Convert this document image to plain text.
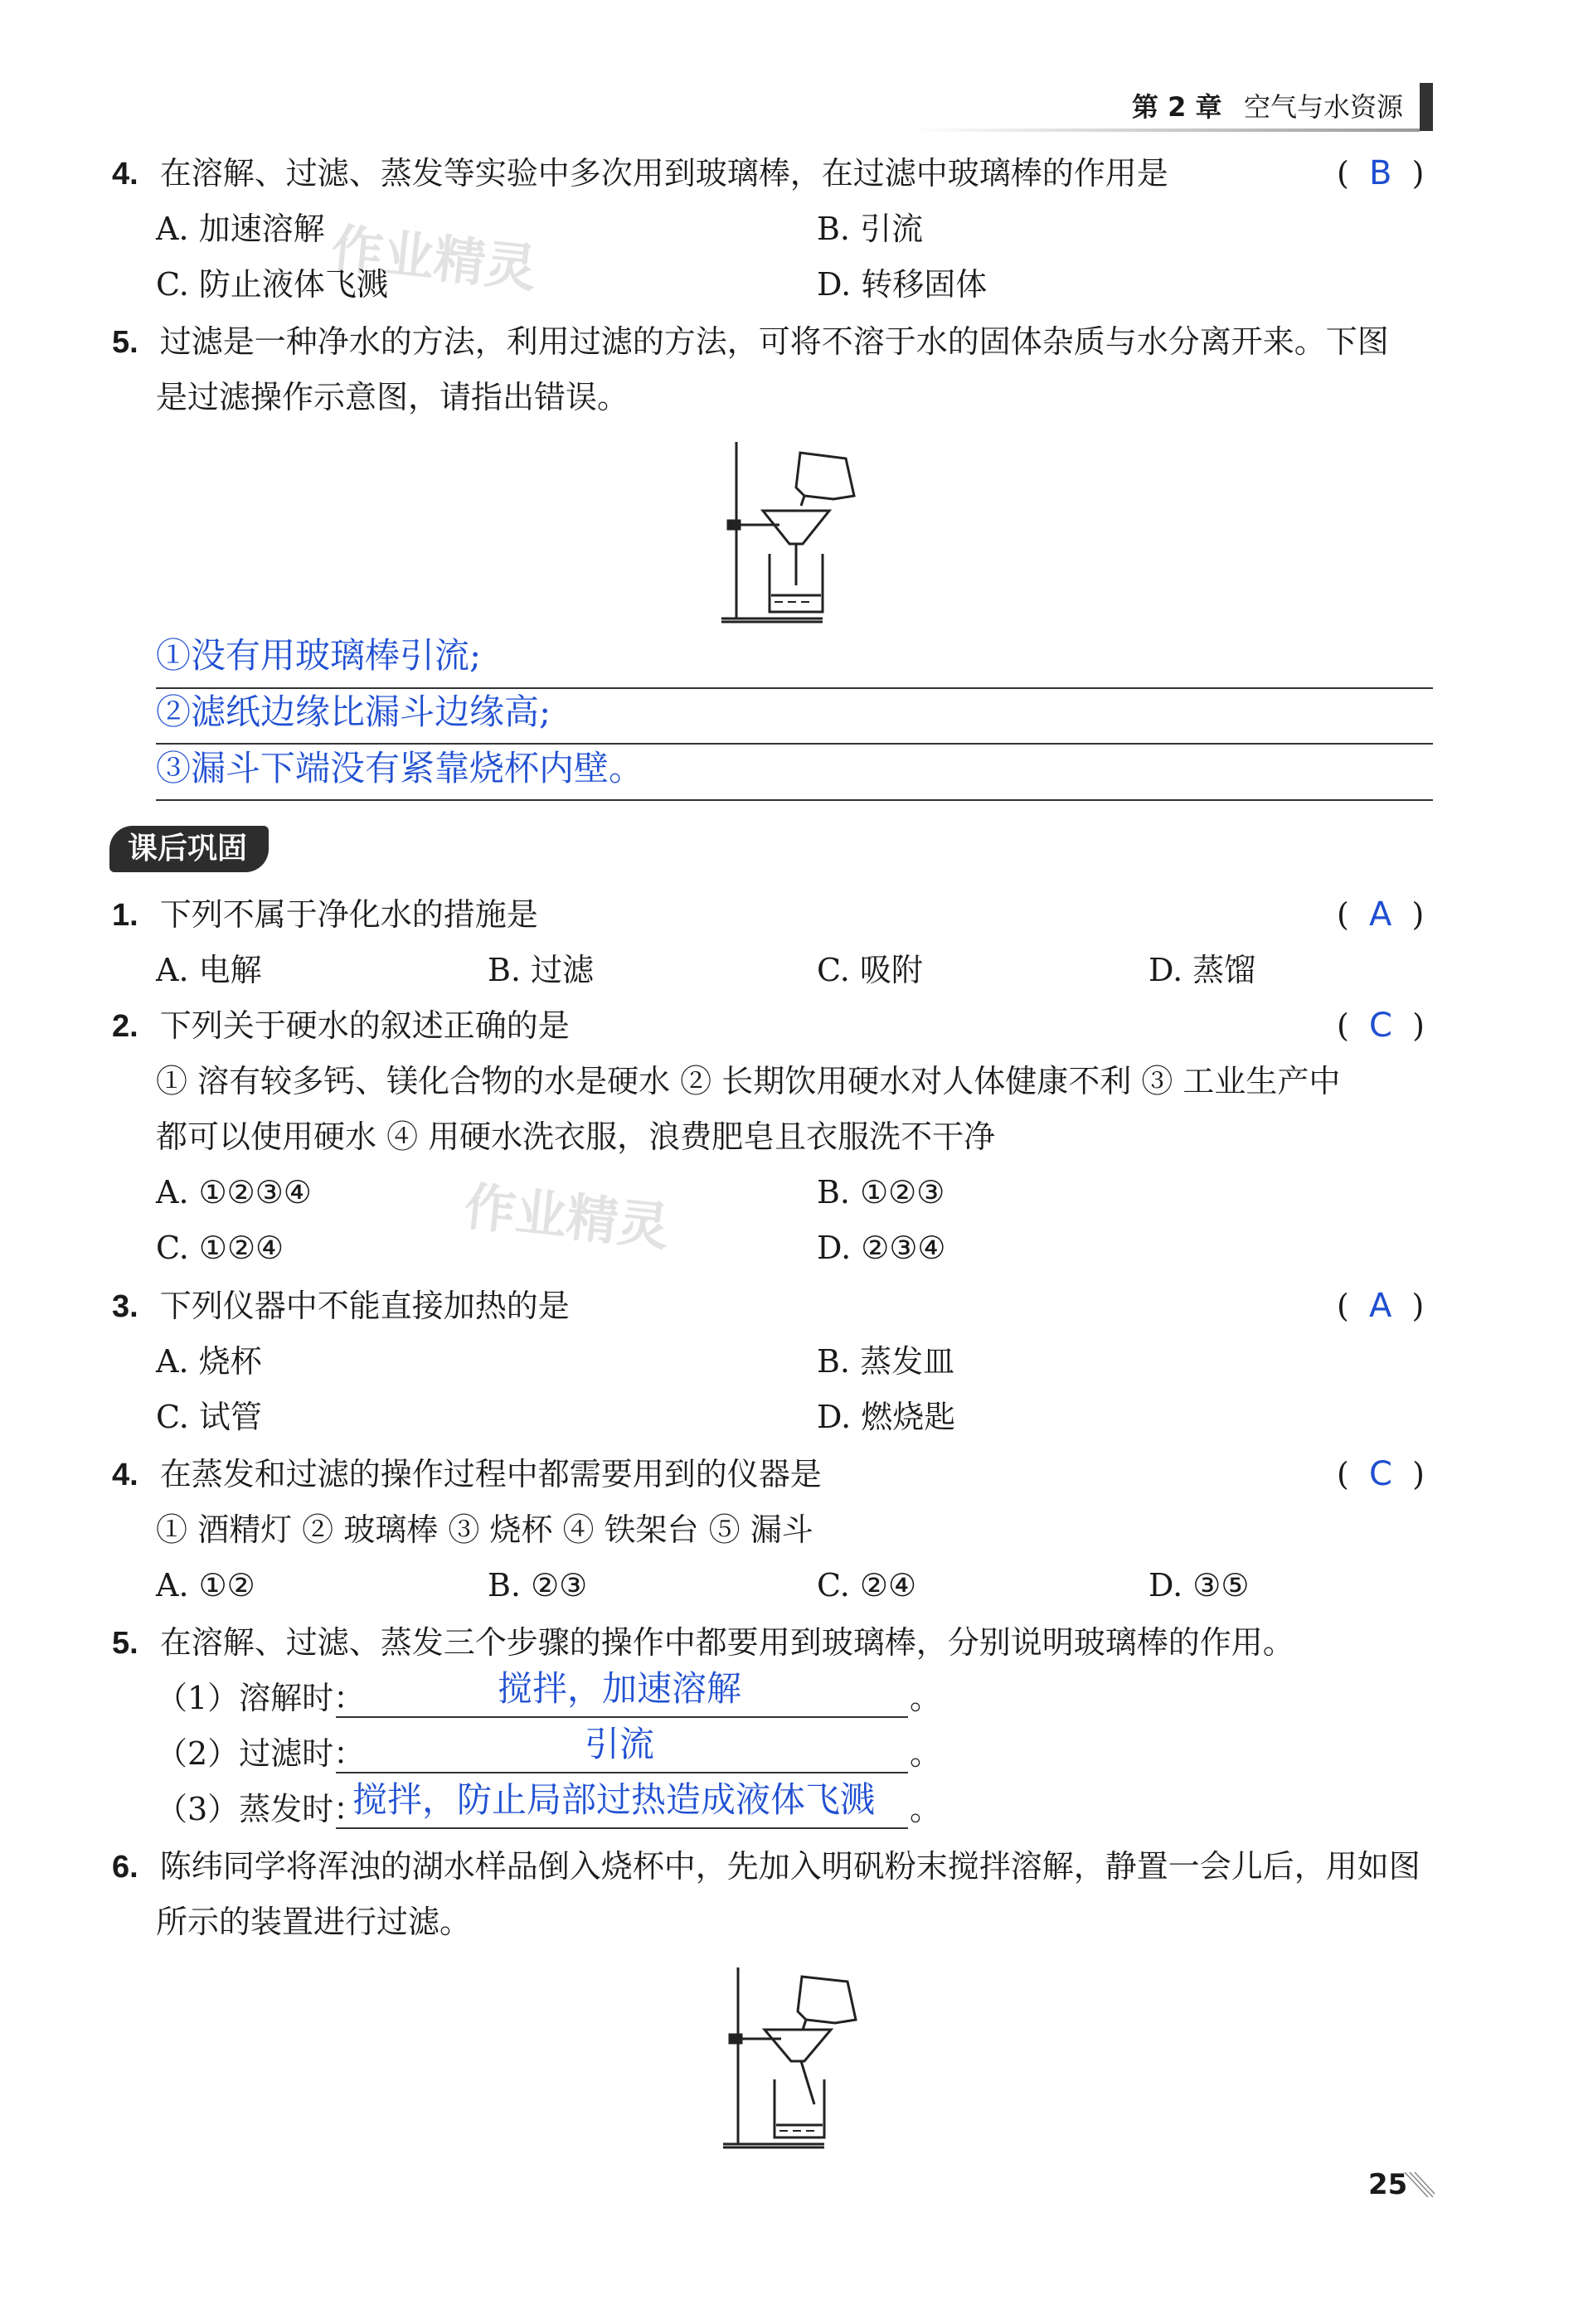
第 2 章 空气与水资源
作业精灵
作业精灵
4. 在溶解、过滤、蒸发等实验中多次用到玻璃棒，在过滤中玻璃棒的作用是	(  B  )
A. 加速溶解	B. 引流
C. 防止液体飞溅	D. 转移固体
5. 过滤是一种净水的方法，利用过滤的方法，可将不溶于水的固体杂质与水分离开来。下图
是过滤操作示意图，请指出错误。
①没有用玻璃棒引流;
②滤纸边缘比漏斗边缘高;
③漏斗下端没有紧靠烧杯内壁。
课后巩固
1. 下列不属于净化水的措施是	(  A  )
A. 电解	B. 过滤	C. 吸附	D. 蒸馏
2. 下列关于硬水的叙述正确的是	(  C  )
① 溶有较多钙、镁化合物的水是硬水 ② 长期饮用硬水对人体健康不利 ③ 工业生产中
都可以使用硬水 ④ 用硬水洗衣服，浪费肥皂且衣服洗不干净
A. ①②③④	B. ①②③
C. ①②④	D. ②③④
3. 下列仪器中不能直接加热的是	(  A  )
A. 烧杯	B. 蒸发皿
C. 试管	D. 燃烧匙
4. 在蒸发和过滤的操作过程中都需要用到的仪器是	(  C  )
① 酒精灯 ② 玻璃棒 ③ 烧杯 ④ 铁架台 ⑤ 漏斗
A. ①②	B. ②③	C. ②④	D. ③⑤
5. 在溶解、过滤、蒸发三个步骤的操作中都要用到玻璃棒，分别说明玻璃棒的作用。
（1）溶解时：	搅拌，加速溶解	。
（2）过滤时：	引流	。
（3）蒸发时：
搅拌，防止局部过热造成液体飞溅 。
6. 陈纬同学将浑浊的湖水样品倒入烧杯中，先加入明矾粉末搅拌溶解，静置一会儿后，用如图
所示的装置进行过滤。
25
